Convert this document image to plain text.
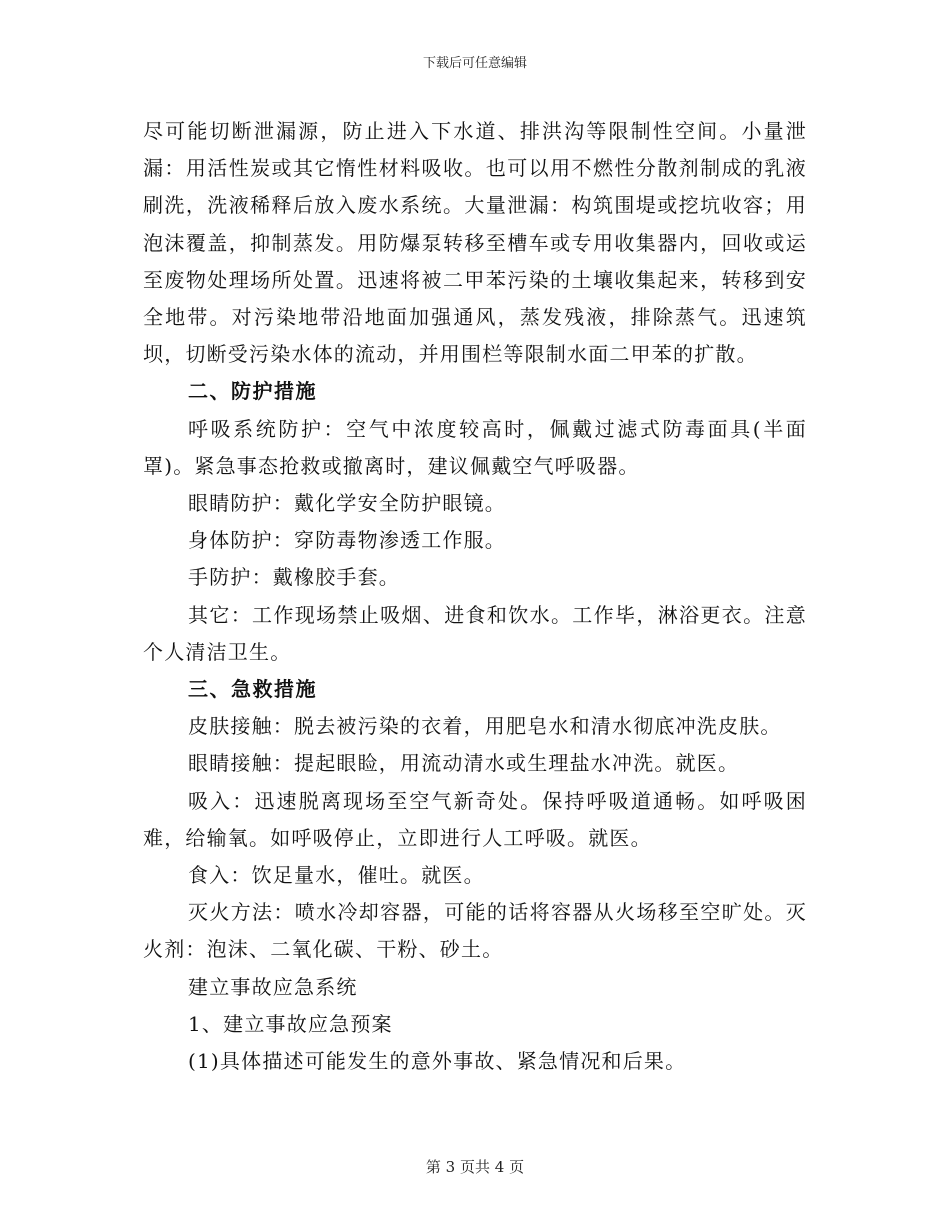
下载后可任意编辑

尽可能切断泄漏源，防止进入下水道、排洪沟等限制性空间。小量泄漏：用活性炭或其它惰性材料吸收。也可以用不燃性分散剂制成的乳液刷洗，洗液稀释后放入废水系统。大量泄漏：构筑围堤或挖坑收容；用泡沫覆盖，抑制蒸发。用防爆泵转移至槽车或专用收集器内，回收或运至废物处理场所处置。迅速将被二甲苯污染的土壤收集起来，转移到安全地带。对污染地带沿地面加强通风，蒸发残液，排除蒸气。迅速筑坝，切断受污染水体的流动，并用围栏等限制水面二甲苯的扩散。

二、防护措施

呼吸系统防护：空气中浓度较高时，佩戴过滤式防毒面具(半面罩)。紧急事态抢救或撤离时，建议佩戴空气呼吸器。

眼睛防护：戴化学安全防护眼镜。

身体防护：穿防毒物渗透工作服。

手防护：戴橡胶手套。

其它：工作现场禁止吸烟、进食和饮水。工作毕，淋浴更衣。注意个人清洁卫生。

三、急救措施

皮肤接触：脱去被污染的衣着，用肥皂水和清水彻底冲洗皮肤。

眼睛接触：提起眼睑，用流动清水或生理盐水冲洗。就医。

吸入：迅速脱离现场至空气新奇处。保持呼吸道通畅。如呼吸困难，给输氧。如呼吸停止，立即进行人工呼吸。就医。

食入：饮足量水，催吐。就医。

灭火方法：喷水冷却容器，可能的话将容器从火场移至空旷处。灭火剂：泡沫、二氧化碳、干粉、砂土。

建立事故应急系统

1、建立事故应急预案

(1)具体描述可能发生的意外事故、紧急情况和后果。

第 3 页共 4 页
